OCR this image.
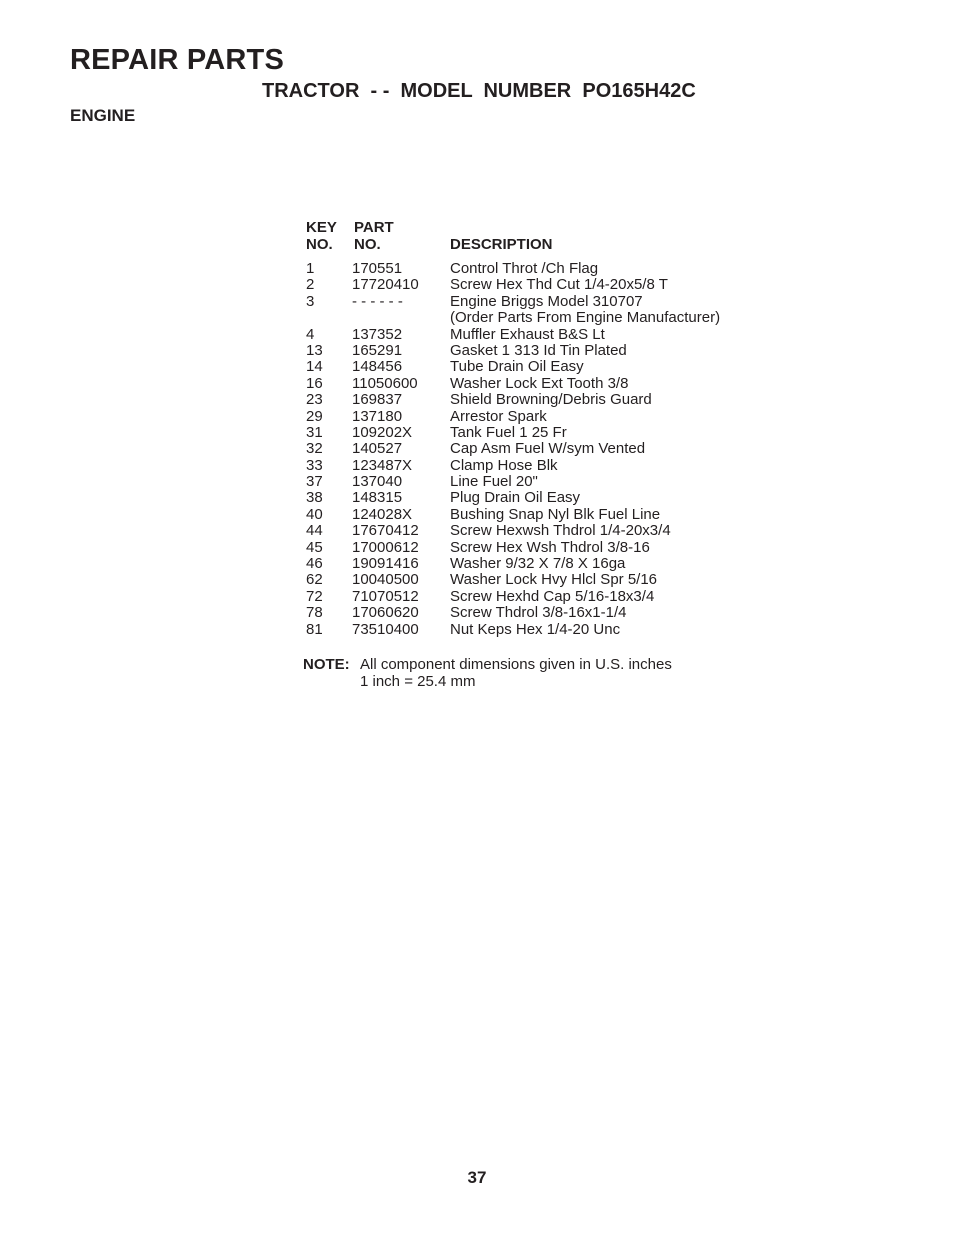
REPAIR PARTS
TRACTOR  - -  MODEL  NUMBER  PO165H42C
ENGINE
KEY PART
NO. NO.	DESCRIPTION
1	170551	Control Throt /Ch Flag
2	17720410 Screw Hex Thd Cut 1/4-20x5/8 T
3	- - - - - -	Engine Briggs Model 310707
(Order Parts From Engine Manufacturer)
4	137352	Muffler Exhaust B&S Lt
13 165291	Gasket 1 313 Id Tin Plated
14 148456	Tube Drain Oil Easy
16 11050600 Washer Lock Ext Tooth 3/8
23 169837	Shield Browning/Debris Guard
29 137180	Arrestor Spark
31 109202X	Tank Fuel 1 25 Fr
32 140527	Cap Asm Fuel W/sym Vented
33 123487X	Clamp Hose Blk
37 137040	Line Fuel 20"
38 148315	Plug Drain Oil Easy
40 124028X	Bushing Snap Nyl Blk Fuel Line
44 17670412 Screw Hexwsh Thdrol 1/4-20x3/4
45 17000612 Screw Hex Wsh Thdrol 3/8-16
46 19091416 Washer 9/32 X 7/8 X 16ga
62 10040500 Washer Lock Hvy Hlcl Spr 5/16
72 71070512 Screw Hexhd Cap 5/16-18x3/4
78 17060620 Screw Thdrol 3/8-16x1-1/4
81 73510400 Nut Keps Hex 1/4-20 Unc
NOTE: All component dimensions given in U.S. inches
1 inch = 25.4 mm
37
